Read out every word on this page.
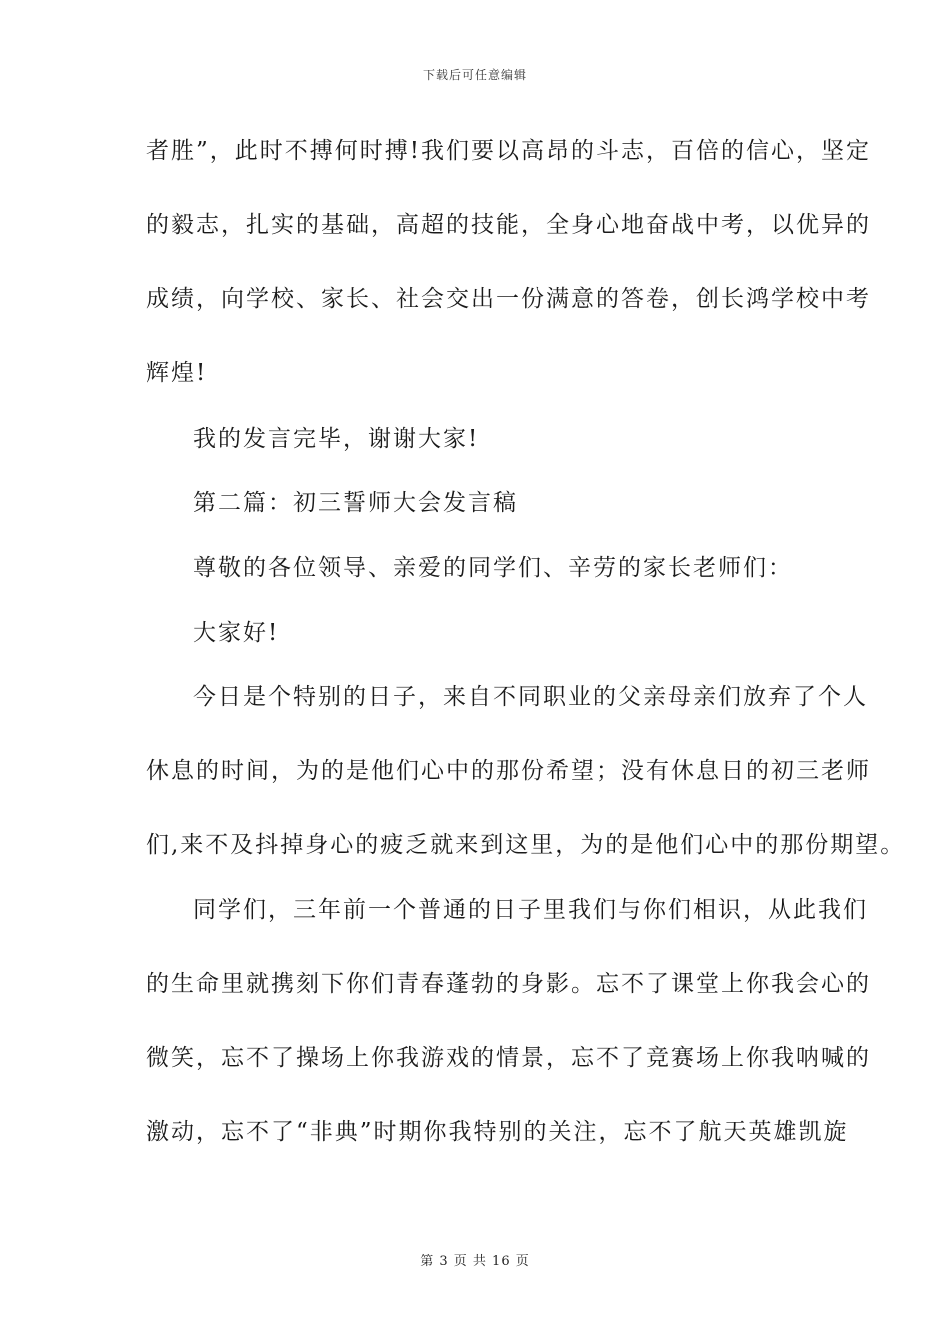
下载后可任意编辑
者胜”，此时不搏何时搏!我们要以高昂的斗志，百倍的信心，坚定
的毅志，扎实的基础，高超的技能，全身心地奋战中考，以优异的
成绩，向学校、家长、社会交出一份满意的答卷，创长鸿学校中考
辉煌!
我的发言完毕，谢谢大家!
第二篇：初三誓师大会发言稿
尊敬的各位领导、亲爱的同学们、辛劳的家长老师们：
大家好!
今日是个特别的日子，来自不同职业的父亲母亲们放弃了个人
休息的时间，为的是他们心中的那份希望；没有休息日的初三老师
们,来不及抖掉身心的疲乏就来到这里，为的是他们心中的那份期望。
同学们，三年前一个普通的日子里我们与你们相识，从此我们
的生命里就携刻下你们青春蓬勃的身影。忘不了课堂上你我会心的
微笑，忘不了操场上你我游戏的情景，忘不了竞赛场上你我呐喊的
激动，忘不了“非典”时期你我特别的关注，忘不了航天英雄凯旋
第 3 页 共 16 页
